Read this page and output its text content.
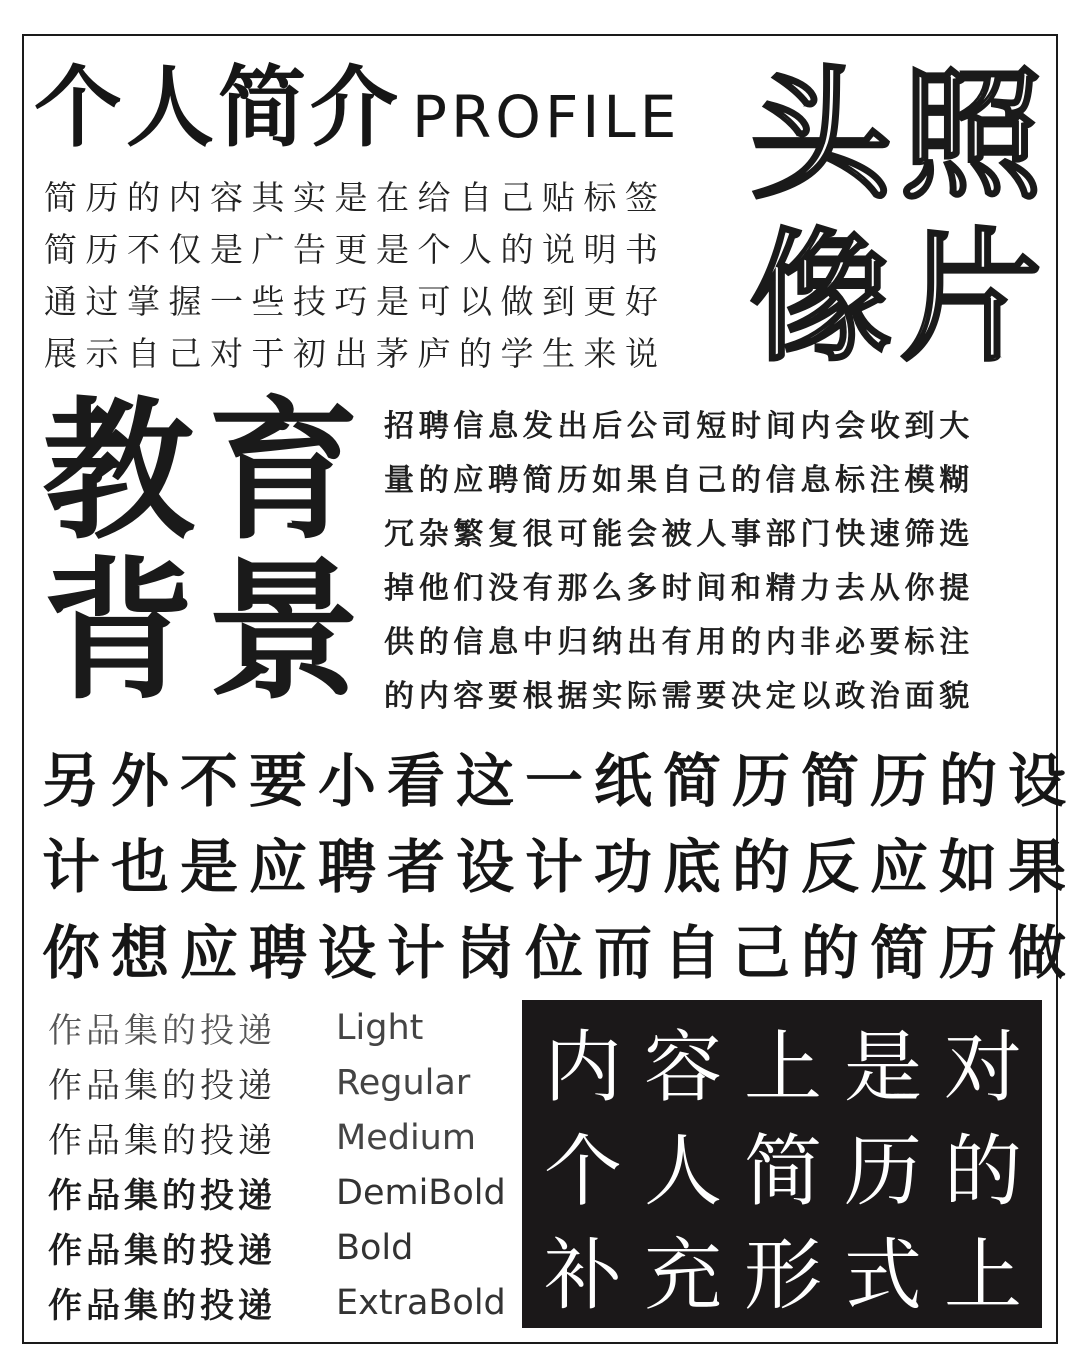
个人简介 PROFILE
简历的内容其实是在给自己贴标签
简历不仅是广告更是个人的说明书
通过掌握一些技巧是可以做到更好
展示自己对于初出茅庐的学生来说
头 照
像 片
教 育
背 景
招聘信息发出后公司短时间内会收到大
量的应聘简历如果自己的信息标注模糊
冗杂繁复很可能会被人事部门快速筛选
掉他们没有那么多时间和精力去从你提
供的信息中归纳出有用的内非必要标注
的内容要根据实际需要决定以政治面貌
另外不要小看这一纸简历简历的设
计也是应聘者设计功底的反应如果
你想应聘设计岗位而自己的简历做
作品集的投递	Light
作品集的投递	Regular
作品集的投递	Medium
作品集的投递	DemiBold
作品集的投递	Bold
作品集的投递	ExtraBold
内容上是对
个人简历的
补充形式上
